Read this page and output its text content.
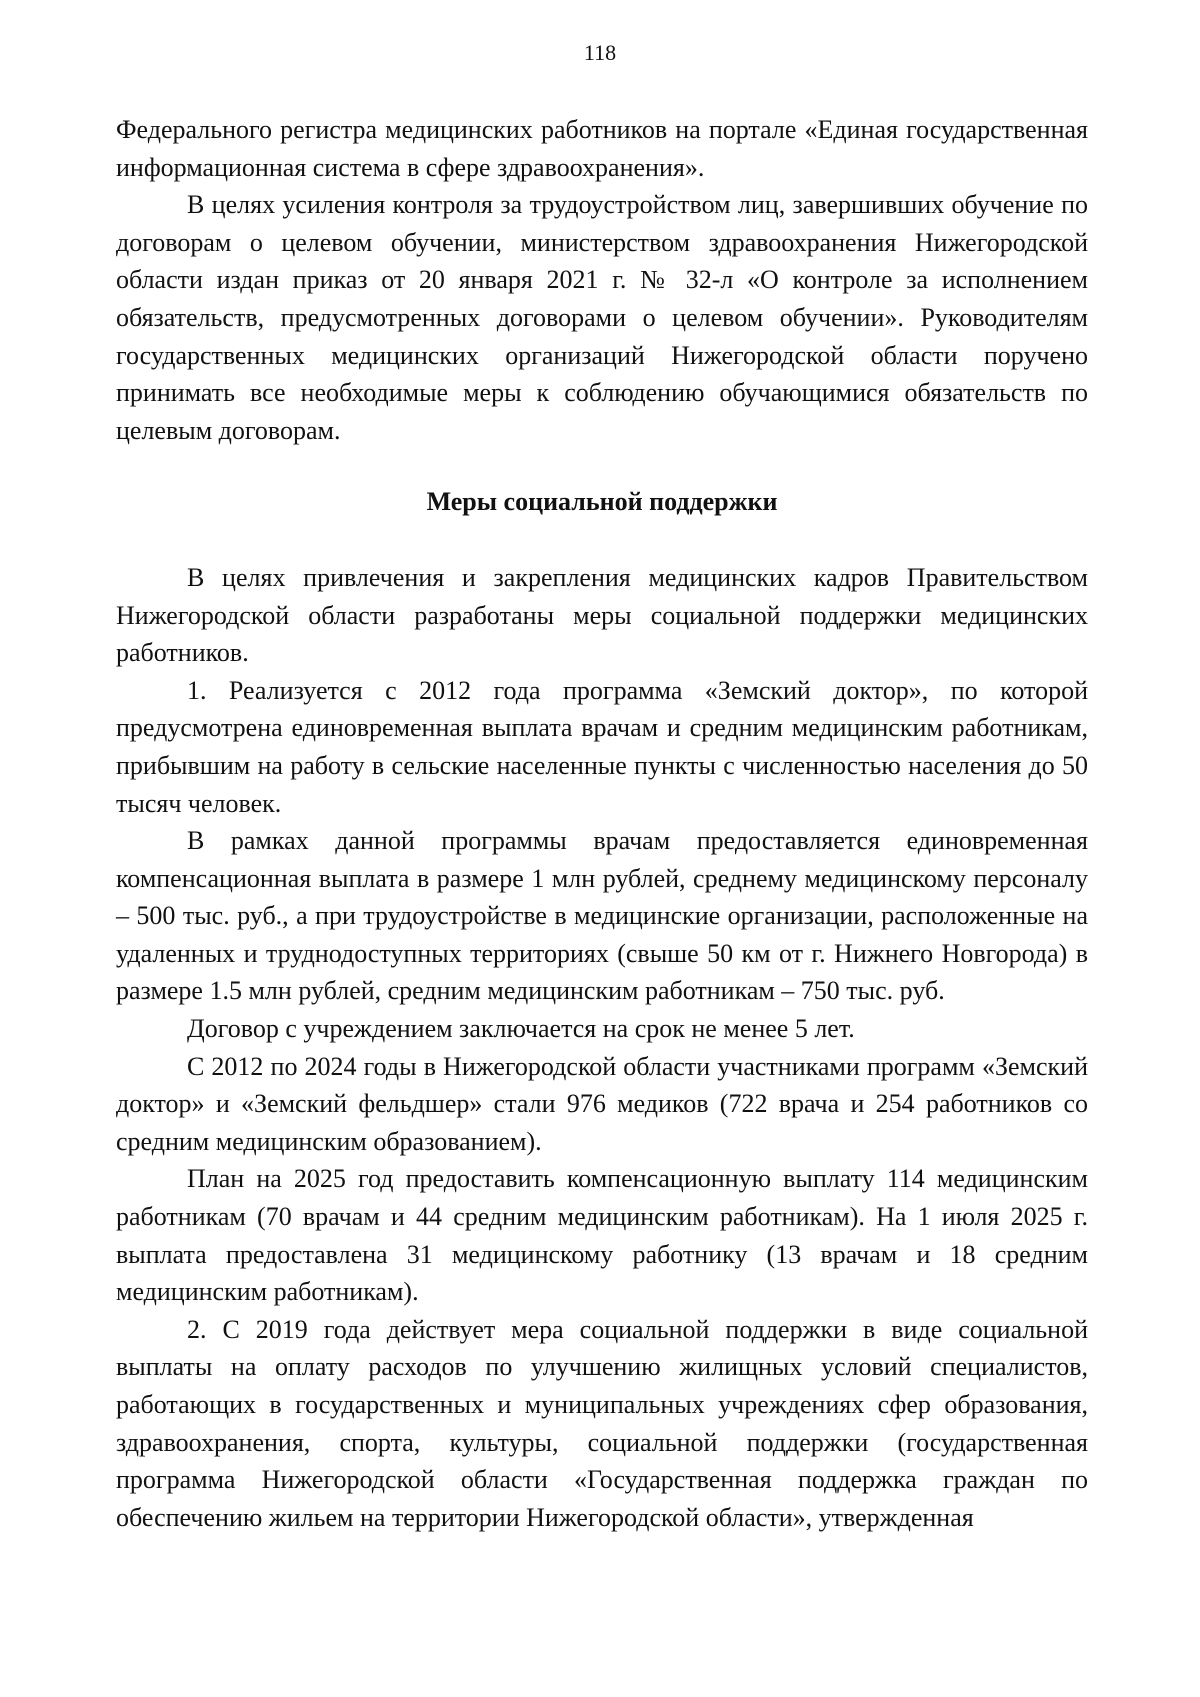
118

Федерального регистра медицинских работников на портале «Единая государственная информационная система в сфере здравоохранения».

В целях усиления контроля за трудоустройством лиц, завершивших обучение по договорам о целевом обучении, министерством здравоохранения Нижегородской области издан приказ от 20 января 2021 г. № 32-л «О контроле за исполнением обязательств, предусмотренных договорами о целевом обучении». Руководителям государственных медицинских организаций Нижегородской области поручено принимать все необходимые меры к соблюдению обучающимися обязательств по целевым договорам.

Меры социальной поддержки

В целях привлечения и закрепления медицинских кадров Правительством Нижегородской области разработаны меры социальной поддержки медицинских работников.

1. Реализуется с 2012 года программа «Земский доктор», по которой предусмотрена единовременная выплата врачам и средним медицинским работникам, прибывшим на работу в сельские населенные пункты с численностью населения до 50 тысяч человек.

В рамках данной программы врачам предоставляется единовременная компенсационная выплата в размере 1 млн рублей, среднему медицинскому персоналу – 500 тыс. руб., а при трудоустройстве в медицинские организации, расположенные на удаленных и труднодоступных территориях (свыше 50 км от г. Нижнего Новгорода) в размере 1.5 млн рублей, средним медицинским работникам – 750 тыс. руб.

Договор с учреждением заключается на срок не менее 5 лет.

С 2012 по 2024 годы в Нижегородской области участниками программ «Земский доктор» и «Земский фельдшер» стали 976 медиков (722 врача и 254 работников со средним медицинским образованием).

План на 2025 год предоставить компенсационную выплату 114 медицинским работникам (70 врачам и 44 средним медицинским работникам). На 1 июля 2025 г. выплата предоставлена 31 медицинскому работнику (13 врачам и 18 средним медицинским работникам).

2. С 2019 года действует мера социальной поддержки в виде социальной выплаты на оплату расходов по улучшению жилищных условий специалистов, работающих в государственных и муниципальных учреждениях сфер образования, здравоохранения, спорта, культуры, социальной поддержки (государственная программа Нижегородской области «Государственная поддержка граждан по обеспечению жильем на территории Нижегородской области», утвержденная
